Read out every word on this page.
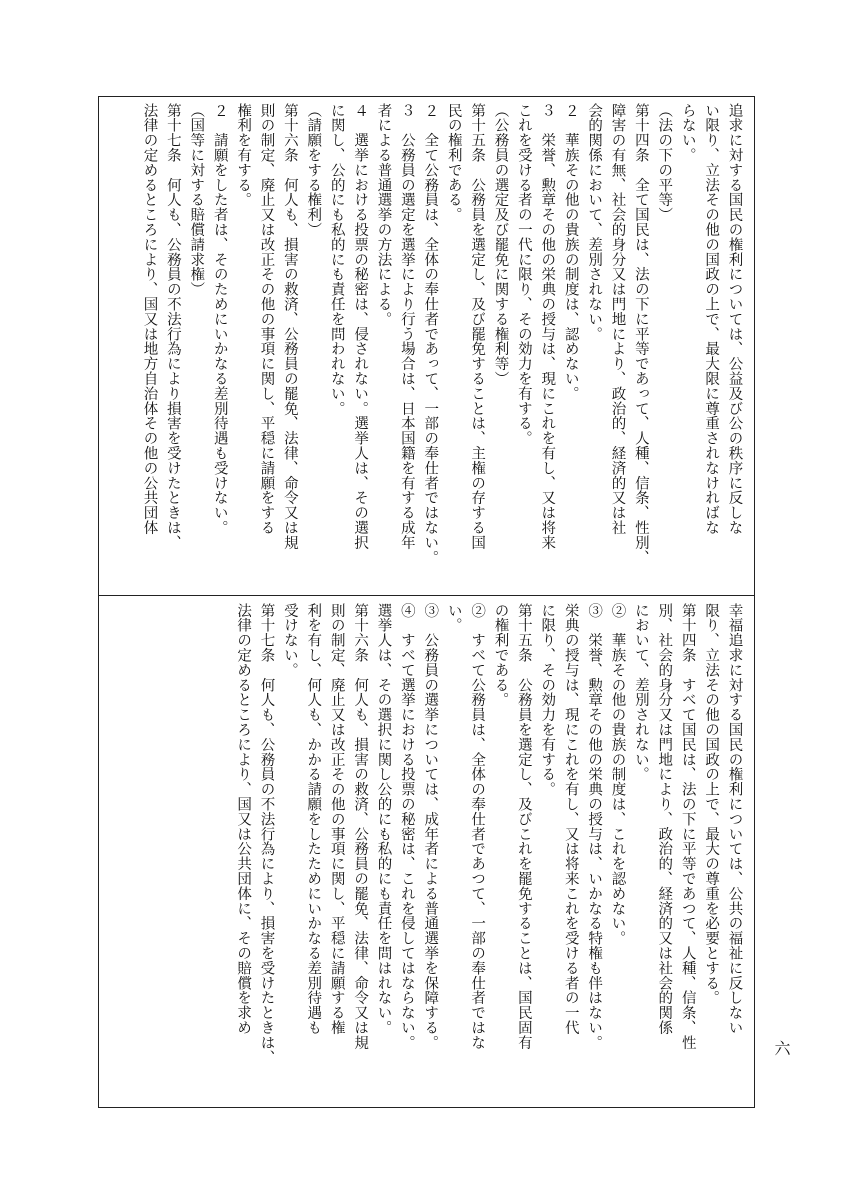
追求に対する国民の権利については、公益及び公の秩序に反しな

い限り、立法その他の国政の上で、最大限に尊重されなければな

らない。

（法の下の平等）

第十四条　全て国民は、法の下に平等であって、人種、信条、性別、

障害の有無、社会的身分又は門地により、政治的、経済的又は社

会的関係において、差別されない。

２　華族その他の貴族の制度は、認めない。

３　栄誉、勲章その他の栄典の授与は、現にこれを有し、又は将来

これを受ける者の一代に限り、その効力を有する。

（公務員の選定及び罷免に関する権利等）

第十五条　公務員を選定し、及び罷免することは、主権の存する国

民の権利である。

２　全て公務員は、全体の奉仕者であって、一部の奉仕者ではない。

３　公務員の選定を選挙により行う場合は、日本国籍を有する成年

者による普通選挙の方法による。

４　選挙における投票の秘密は、侵されない。選挙人は、その選択

に関し、公的にも私的にも責任を問われない。

（請願をする権利）

第十六条　何人も、損害の救済、公務員の罷免、法律、命令又は規

則の制定、廃止又は改正その他の事項に関し、平穏に請願をする

権利を有する。

２　請願をした者は、そのためにいかなる差別待遇も受けない。

（国等に対する賠償請求権）

第十七条　何人も、公務員の不法行為により損害を受けたときは、

法律の定めるところにより、国又は地方自治体その他の公共団体

幸福追求に対する国民の権利については、公共の福祉に反しない

限り、立法その他の国政の上で、最大の尊重を必要とする。

第十四条　すべて国民は、法の下に平等であつて、人種、信条、性

別、社会的身分又は門地により、政治的、経済的又は社会的関係

において、差別されない。

②　華族その他の貴族の制度は、これを認めない。

③　栄誉、勲章その他の栄典の授与は、いかなる特権も伴はない。

栄典の授与は、現にこれを有し、又は将来これを受ける者の一代

に限り、その効力を有する。

第十五条　公務員を選定し、及びこれを罷免することは、国民固有

の権利である。

②　すべて公務員は、全体の奉仕者であつて、一部の奉仕者ではな

い。

③　公務員の選挙については、成年者による普通選挙を保障する。

④　すべて選挙における投票の秘密は、これを侵してはならない。

選挙人は、その選択に関し公的にも私的にも責任を問はれない。

第十六条　何人も、損害の救済、公務員の罷免、法律、命令又は規

則の制定、廃止又は改正その他の事項に関し、平穏に請願する権

利を有し、何人も、かかる請願をしたためにいかなる差別待遇も

受けない。

第十七条　何人も、公務員の不法行為により、損害を受けたときは、

法律の定めるところにより、国又は公共団体に、その賠償を求め

六
